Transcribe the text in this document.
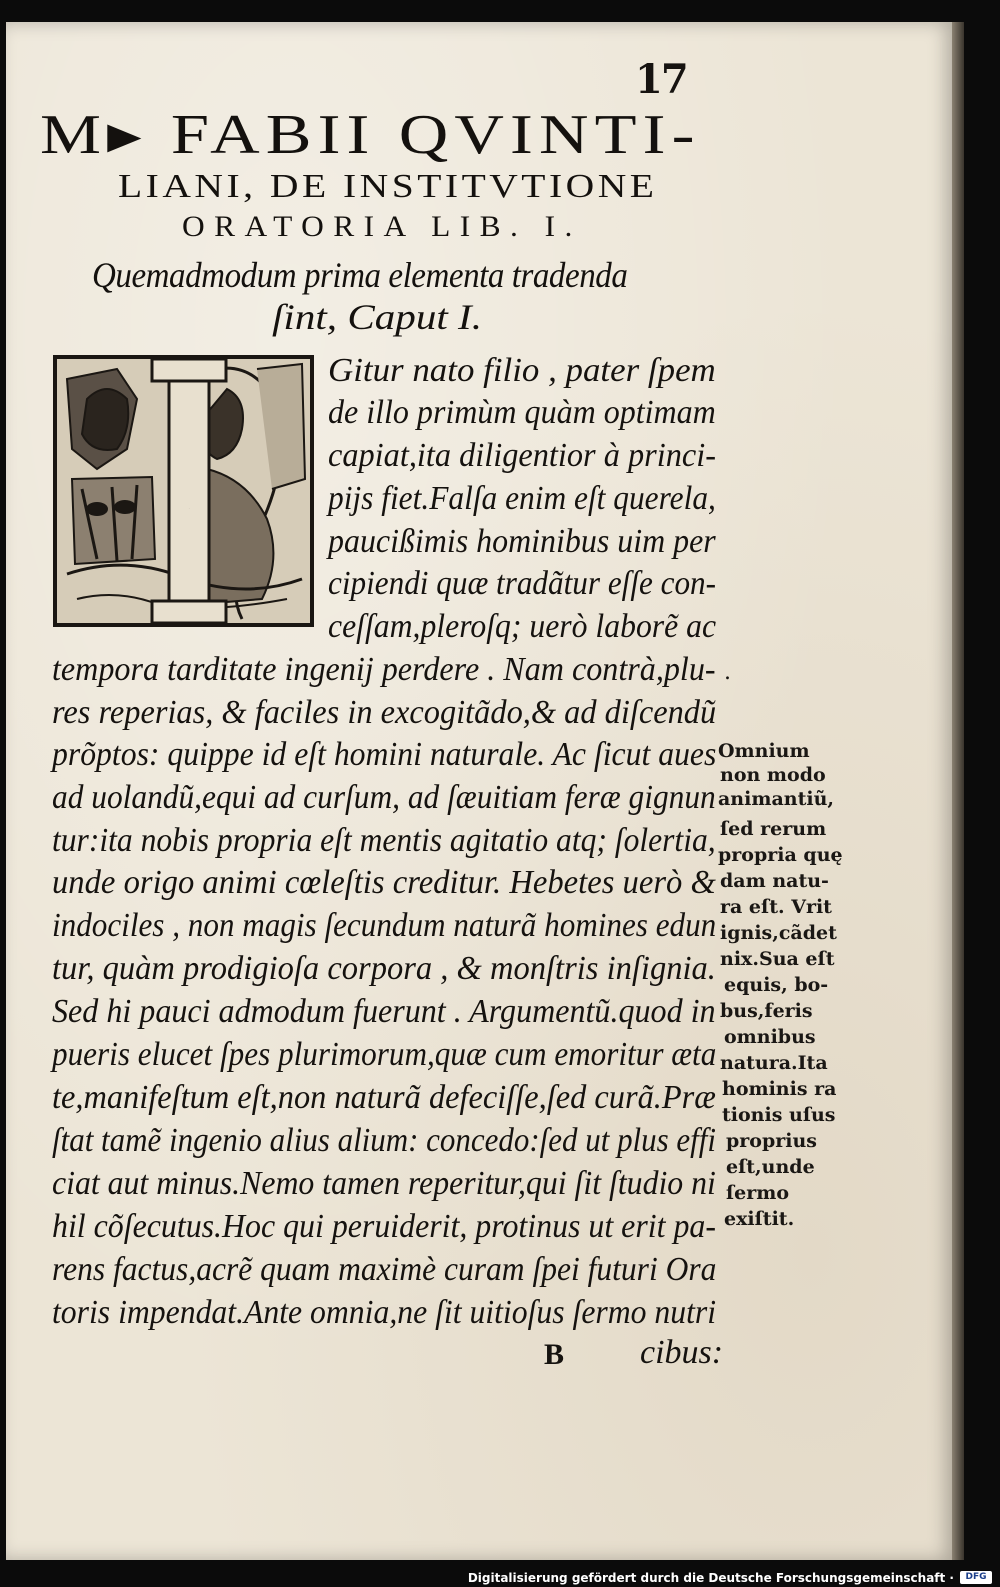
17
M▸ FABII QVINTI-
LIANI, DE INSTITVTIONE
ORATORIA LIB. I.
Quemadmodum prima elementa tradenda
ſint, Caput I.
I
Gitur nato filio , pater ſpem
de illo primùm quàm optimam
capiat,ita diligentior à princi-
pijs fiet.Falſa enim eſt querela,
paucißimis hominibus uim per
cipiendi quæ tradãtur eſſe con-
ceſſam,pleroſq; uerò laborẽ ac
tempora tarditate ingenij perdere . Nam contrà,plu-
res reperias, & faciles in excogitãdo,& ad diſcendũ
prõptos: quippe id eſt homini naturale. Ac ſicut aues
ad uolandũ,equi ad curſum, ad ſæuitiam feræ gignun
tur:ita nobis propria eſt mentis agitatio atq; ſolertia,
unde origo animi cœleſtis creditur. Hebetes uerò &
indociles , non magis ſecundum naturã homines edun
tur, quàm prodigioſa corpora , & monſtris inſignia.
Sed hi pauci admodum fuerunt . Argumentũ.quod in
pueris elucet ſpes plurimorum,quæ cum emoritur æta
te,manifeſtum eſt,non naturã defeciſſe,ſed curã.Præ
ſtat tamẽ ingenio alius alium: concedo:ſed ut plus effi
ciat aut minus.Nemo tamen reperitur,qui ſit ſtudio ni
hil cõſecutus.Hoc qui peruiderit, protinus ut erit pa-
rens factus,acrẽ quam maximè curam ſpei futuri Ora
toris impendat.Ante omnia,ne ſit uitioſus ſermo nutri
.
Omnium
non modo
animantiũ,
ſed rerum
propria quę
dam natu-
ra eſt. Vrit
ignis,cãdet
nix.Sua eſt
equis, bo-
bus,feris
omnibus
natura.Ita
hominis ra
tionis uſus
proprius
eſt,unde
ſermo
exiſtit.
B cibus:
Digitalisierung gefördert durch die Deutsche Forschungsgemeinschaft ·	DFG
